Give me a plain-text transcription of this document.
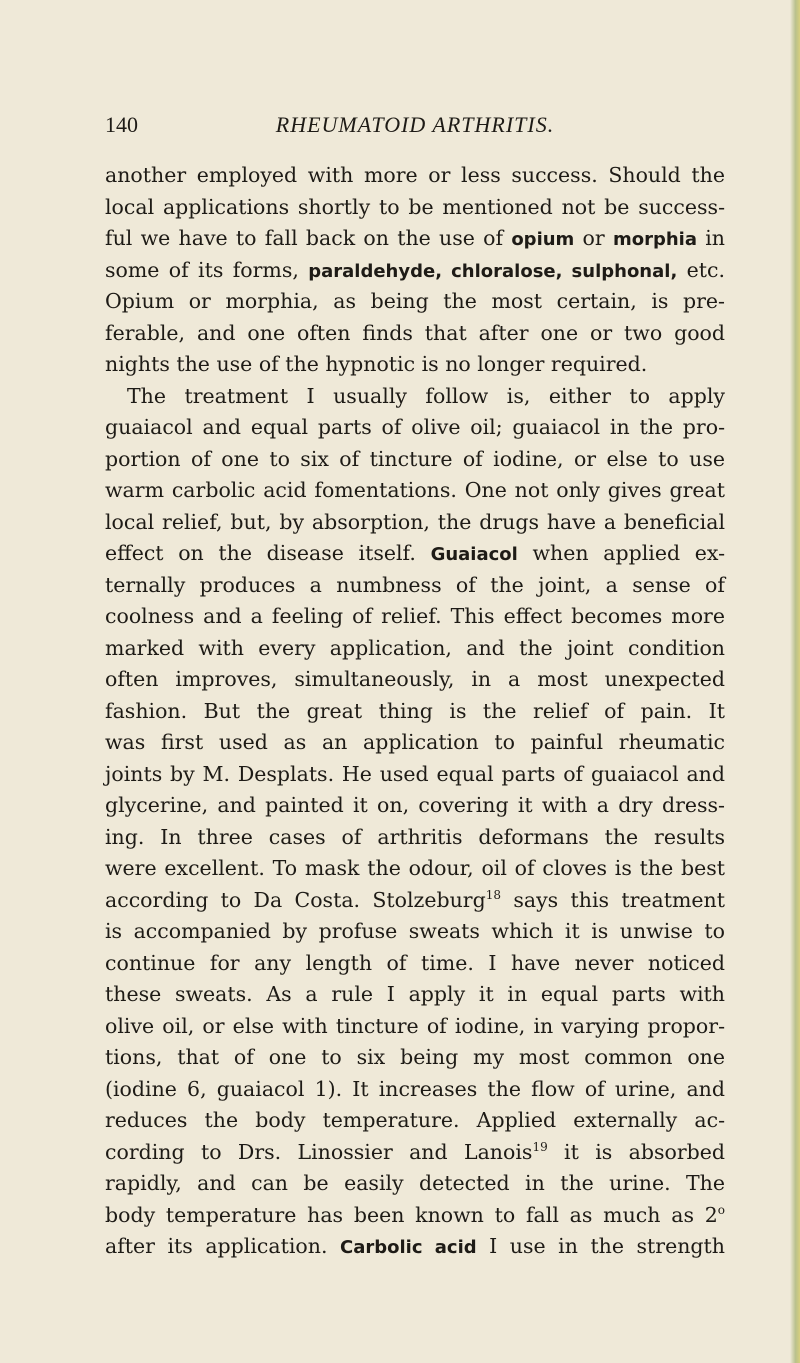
140	RHEUMATOID ARTHRITIS.
another employed with more or less success. Should the
local applications shortly to be mentioned not be success-
ful we have to fall back on the use of opium or morphia in
some of its forms, paraldehyde, chloralose, sulphonal, etc.
Opium or morphia, as being the most certain, is pre-
ferable, and one often finds that after one or two good
nights the use of the hypnotic is no longer required.
The treatment I usually follow is, either to apply
guaiacol and equal parts of olive oil; guaiacol in the pro-
portion of one to six of tincture of iodine, or else to use
warm carbolic acid fomentations. One not only gives great
local relief, but, by absorption, the drugs have a beneficial
effect on the disease itself. Guaiacol when applied ex-
ternally produces a numbness of the joint, a sense of
coolness and a feeling of relief. This effect becomes more
marked with every application, and the joint condition
often improves, simultaneously, in a most unexpected
fashion. But the great thing is the relief of pain. It
was first used as an application to painful rheumatic
joints by M. Desplats. He used equal parts of guaiacol and
glycerine, and painted it on, covering it with a dry dress-
ing. In three cases of arthritis deformans the results
were excellent. To mask the odour, oil of cloves is the best
according to Da Costa. Stolzeburg$^{18}$ says this treatment
is accompanied by profuse sweats which it is unwise to
continue for any length of time. I have never noticed
these sweats. As a rule I apply it in equal parts with
olive oil, or else with tincture of iodine, in varying propor-
tions, that of one to six being my most common one
(iodine 6, guaiacol 1). It increases the flow of urine, and
reduces the body temperature. Applied externally ac-
cording to Drs. Linossier and Lanois$^{19}$ it is absorbed
rapidly, and can be easily detected in the urine. The
body temperature has been known to fall as much as 2$^o$
after its application. Carbolic acid I use in the strength
